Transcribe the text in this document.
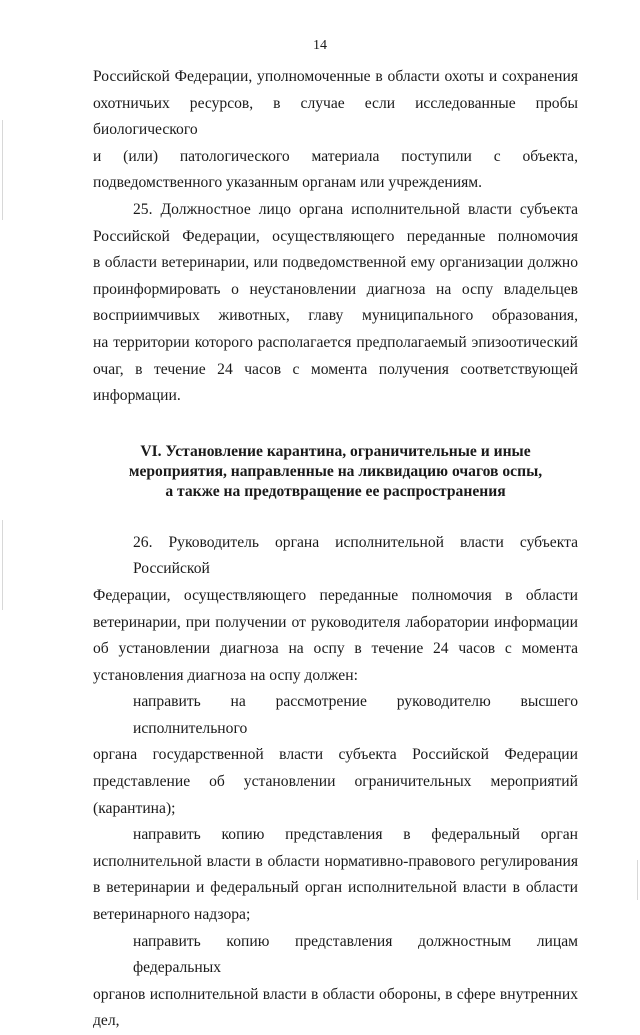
14

Российской Федерации, уполномоченные в области охоты и сохранения
охотничьих ресурсов, в случае если исследованные пробы биологического
и (или) патологического материала поступили с объекта,
подведомственного указанным органам или учреждениям.

25. Должностное лицо органа исполнительной власти субъекта
Российской Федерации, осуществляющего переданные полномочия
в области ветеринарии, или подведомственной ему организации должно
проинформировать о неустановлении диагноза на оспу владельцев
восприимчивых животных, главу муниципального образования,
на территории которого располагается предполагаемый эпизоотический
очаг, в течение 24 часов с момента получения соответствующей
информации.

VI. Установление карантина, ограничительные и иные
мероприятия, направленные на ликвидацию очагов оспы,
а также на предотвращение ее распространения

26. Руководитель органа исполнительной власти субъекта Российской
Федерации, осуществляющего переданные полномочия в области
ветеринарии, при получении от руководителя лаборатории информации
об установлении диагноза на оспу в течение 24 часов с момента
установления диагноза на оспу должен:

направить на рассмотрение руководителю высшего исполнительного
органа государственной власти субъекта Российской Федерации
представление об установлении ограничительных мероприятий
(карантина);

направить копию представления в федеральный орган
исполнительной власти в области нормативно-правового регулирования
в ветеринарии и федеральный орган исполнительной власти в области
ветеринарного надзора;

направить копию представления должностным лицам федеральных
органов исполнительной власти в области обороны, в сфере внутренних дел,
